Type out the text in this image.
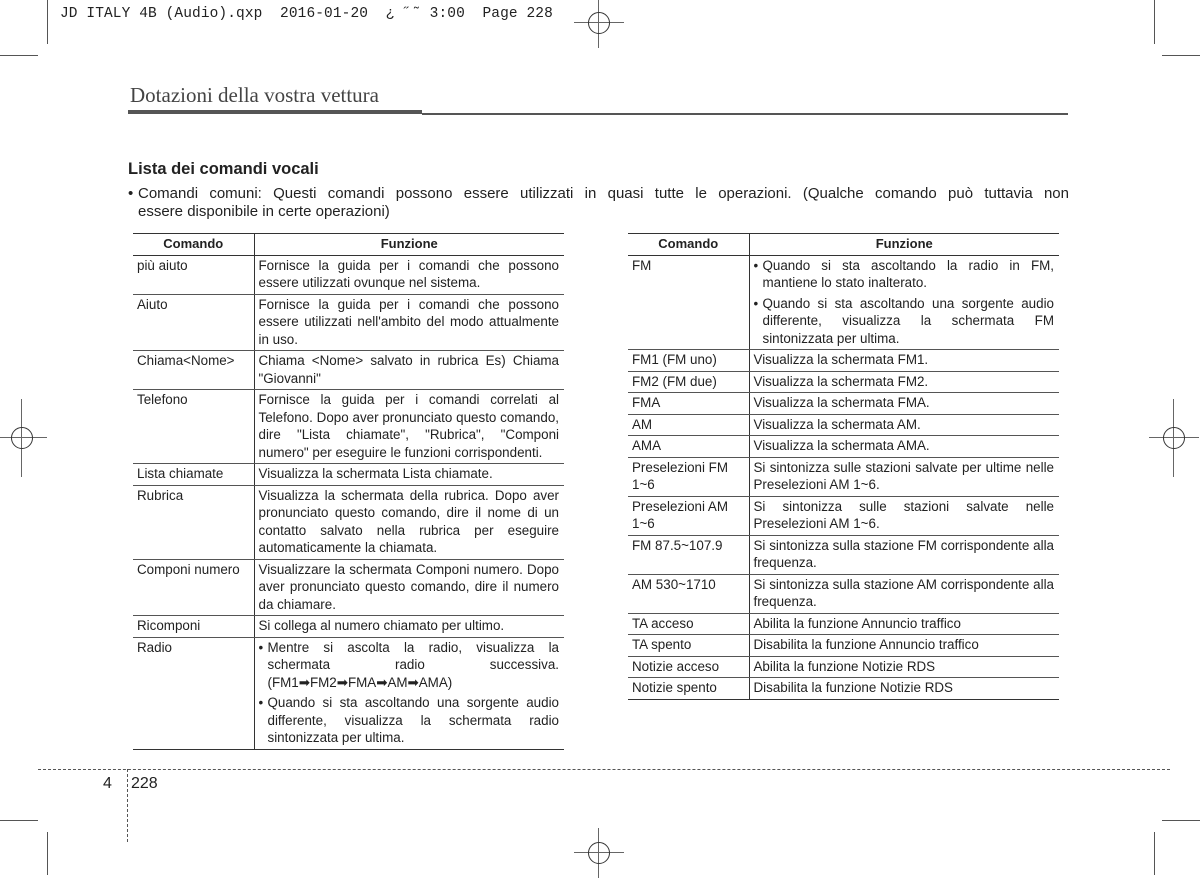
JD ITALY 4B (Audio).qxp  2016-01-20  ¿ ˝˜ 3:00  Page 228
Dotazioni della vostra vettura
Lista dei comandi vocali
• Comandi comuni: Questi comandi possono essere utilizzati in quasi tutte le operazioni. (Qualche comando può tuttavia non
essere disponibile in certe operazioni)
Comando	Funzione
più aiuto	Fornisce la guida per i comandi che possono essere utilizzati ovunque nel sistema.
Aiuto	Fornisce la guida per i comandi che possono essere utilizzati nell'ambito del modo attualmente in uso.
Chiama<Nome>	Chiama <Nome> salvato in rubrica Es) Chiama "Giovanni"
Telefono	Fornisce la guida per i comandi correlati al Telefono. Dopo aver pronunciato questo comando, dire "Lista chiamate", "Rubrica", "Componi numero" per eseguire le funzioni corrispondenti.
Lista chiamate	Visualizza la schermata Lista chiamate.
Rubrica	Visualizza la schermata della rubrica. Dopo aver pronunciato questo comando, dire il nome di un contatto salvato nella rubrica per eseguire automaticamente la chiamata.
Componi numero	Visualizzare la schermata Componi numero. Dopo aver pronunciato questo comando, dire il numero da chiamare.
Ricomponi	Si collega al numero chiamato per ultimo.
Radio	• Mentre si ascolta la radio, visualizza la schermata radio successiva. (FM1➡FM2➡FMA➡AM➡AMA)
• Quando si sta ascoltando una sorgente audio differente, visualizza la schermata radio sintonizzata per ultima.
Comando	Funzione
FM	• Quando si sta ascoltando la radio in FM, mantiene lo stato inalterato.
• Quando si sta ascoltando una sorgente audio differente, visualizza la schermata FM sintonizzata per ultima.

FM1 (FM uno)	Visualizza la schermata FM1.
FM2 (FM due)	Visualizza la schermata FM2.
FMA	Visualizza la schermata FMA.
AM	Visualizza la schermata AM.
AMA	Visualizza la schermata AMA.
Preselezioni FM 1~6	Si sintonizza sulle stazioni salvate per ultime nelle Preselezioni AM 1~6.
Preselezioni AM 1~6	Si sintonizza sulle stazioni salvate nelle Preselezioni AM 1~6.
FM 87.5~107.9	Si sintonizza sulla stazione FM corrispondente alla frequenza.
AM 530~1710	Si sintonizza sulla stazione AM corrispondente alla frequenza.
TA acceso	Abilita la funzione Annuncio traffico
TA spento	Disabilita la funzione Annuncio traffico
Notizie acceso	Abilita la funzione Notizie RDS
Notizie spento	Disabilita la funzione Notizie RDS
4 228
